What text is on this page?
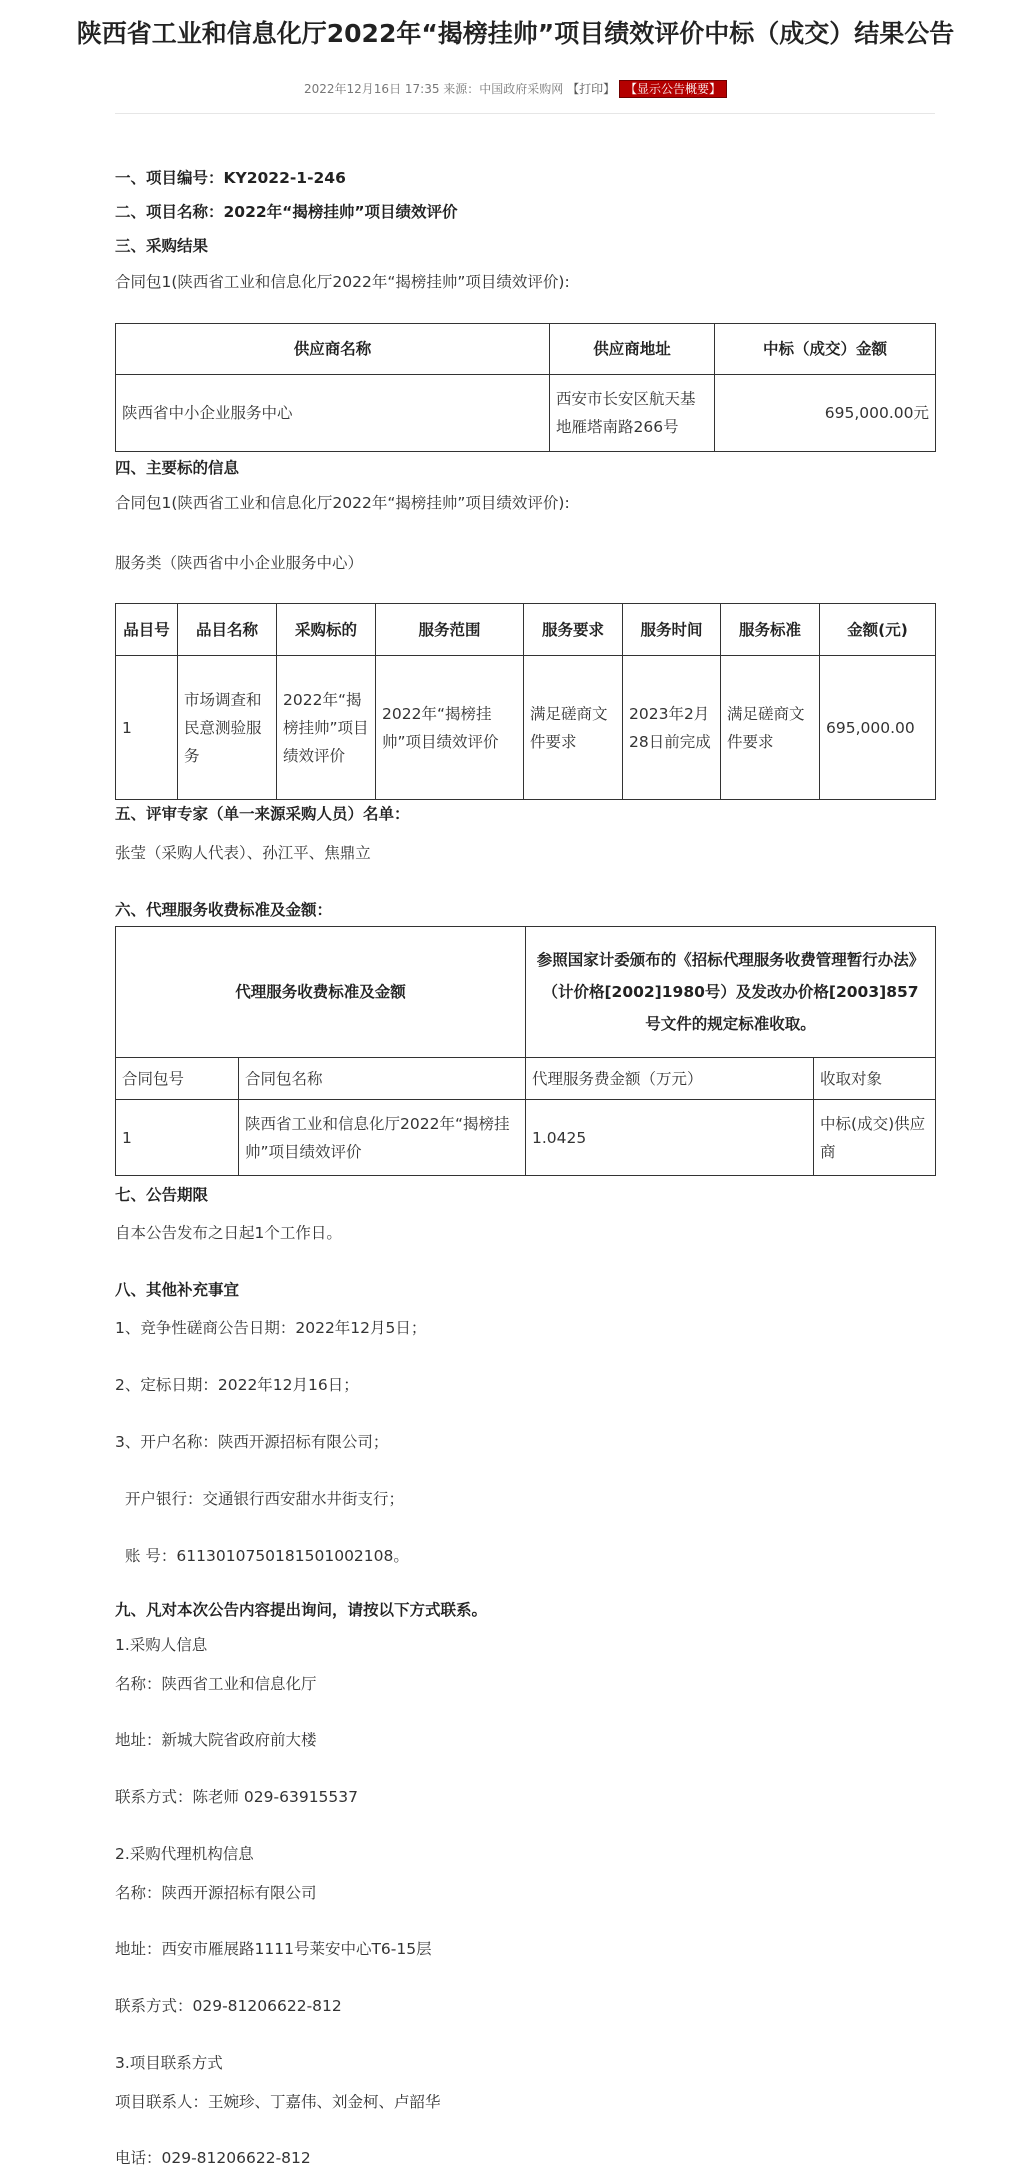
陕西省工业和信息化厅2022年“揭榜挂帅”项目绩效评价中标（成交）结果公告
2022年12月16日 17:35 来源：中国政府采购网 【打印】 【显示公告概要】
一、项目编号：KY2022-1-246
二、项目名称：2022年“揭榜挂帅”项目绩效评价
三、采购结果
合同包1(陕西省工业和信息化厅2022年“揭榜挂帅”项目绩效评价):
供应商名称	供应商地址	中标（成交）金额
陕西省中小企业服务中心	西安市长安区航天基地雁塔南路266号	695,000.00元
四、主要标的信息
合同包1(陕西省工业和信息化厅2022年“揭榜挂帅”项目绩效评价):
服务类（陕西省中小企业服务中心）
品目号	品目名称	采购标的	服务范围	服务要求	服务时间	服务标准	金额(元)
1	市场调查和民意测验服务	2022年“揭榜挂帅”项目绩效评价	2022年“揭榜挂帅”项目绩效评价	满足磋商文件要求	2023年2月28日前完成	满足磋商文件要求	695,000.00
五、评审专家（单一来源采购人员）名单：
张莹（采购人代表）、孙江平、焦鼎立
六、代理服务收费标准及金额：
代理服务收费标准及金额		参照国家计委颁布的《招标代理服务收费管理暂行办法》（计价格[2002]1980号）及发改办价格[2003]857号文件的规定标准收取。	
合同包号	合同包名称	代理服务费金额（万元）	收取对象
1	陕西省工业和信息化厅2022年“揭榜挂帅”项目绩效评价	1.0425	中标(成交)供应商
七、公告期限
自本公告发布之日起1个工作日。
八、其他补充事宜
1、竞争性磋商公告日期：2022年12月5日；
2、定标日期：2022年12月16日；
3、开户名称：陕西开源招标有限公司；
开户银行：交通银行西安甜水井街支行；
账 号：611301075018150100210​8。
九、凡对本次公告内容提出询问，请按以下方式联系。
1.采购人信息
名称：陕西省工业和信息化厅
地址：新城大院省政府前大楼
联系方式：陈老师 029-63915537
2.采购代理机构信息
名称：陕西开源招标有限公司
地址：西安市雁展路1111号莱安中心T6-15层
联系方式：029-81206622-812
3.项目联系方式
项目联系人：王婉珍、丁嘉伟、刘金柯、卢韶华
电话：029-81206622-812
